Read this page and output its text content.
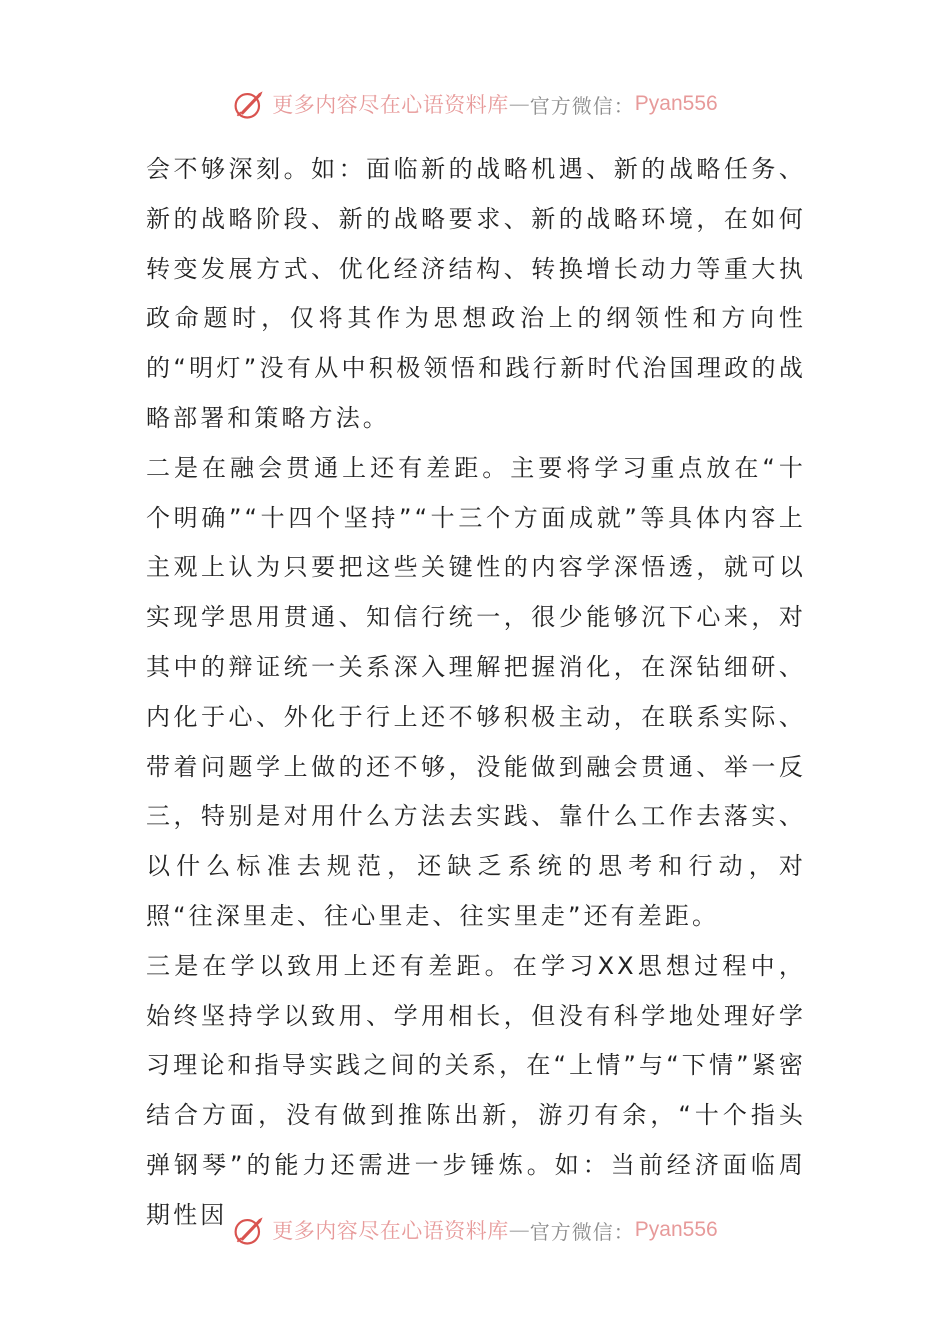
更多内容尽在心语资料库 — 官方微信： Pyan556

会不够深刻。如：面临新的战略机遇、新的战略任务、新的战略阶段、新的战略要求、新的战略环境，在如何转变发展方式、优化经济结构、转换增长动力等重大执政命题时，仅将其作为思想政治上的纲领性和方向性的“明灯”没有从中积极领悟和践行新时代治国理政的战略部署和策略方法。

二是在融会贯通上还有差距。主要将学习重点放在“十个明确”“十四个坚持”“十三个方面成就”等具体内容上主观上认为只要把这些关键性的内容学深悟透，就可以实现学思用贯通、知信行统一，很少能够沉下心来，对其中的辩证统一关系深入理解把握消化，在深钻细研、内化于心、外化于行上还不够积极主动，在联系实际、带着问题学上做的还不够，没能做到融会贯通、举一反三，特别是对用什么方法去实践、靠什么工作去落实、以什么标准去规范，还缺乏系统的思考和行动，对照“往深里走、往心里走、往实里走”还有差距。

三是在学以致用上还有差距。在学习XX思想过程中，始终坚持学以致用、学用相长，但没有科学地处理好学习理论和指导实践之间的关系，在“上情”与“下情”紧密结合方面，没有做到推陈出新，游刃有余，“十个指头弹钢琴”的能力还需进一步锤炼。如：当前经济面临周期性因

更多内容尽在心语资料库 — 官方微信： Pyan556
